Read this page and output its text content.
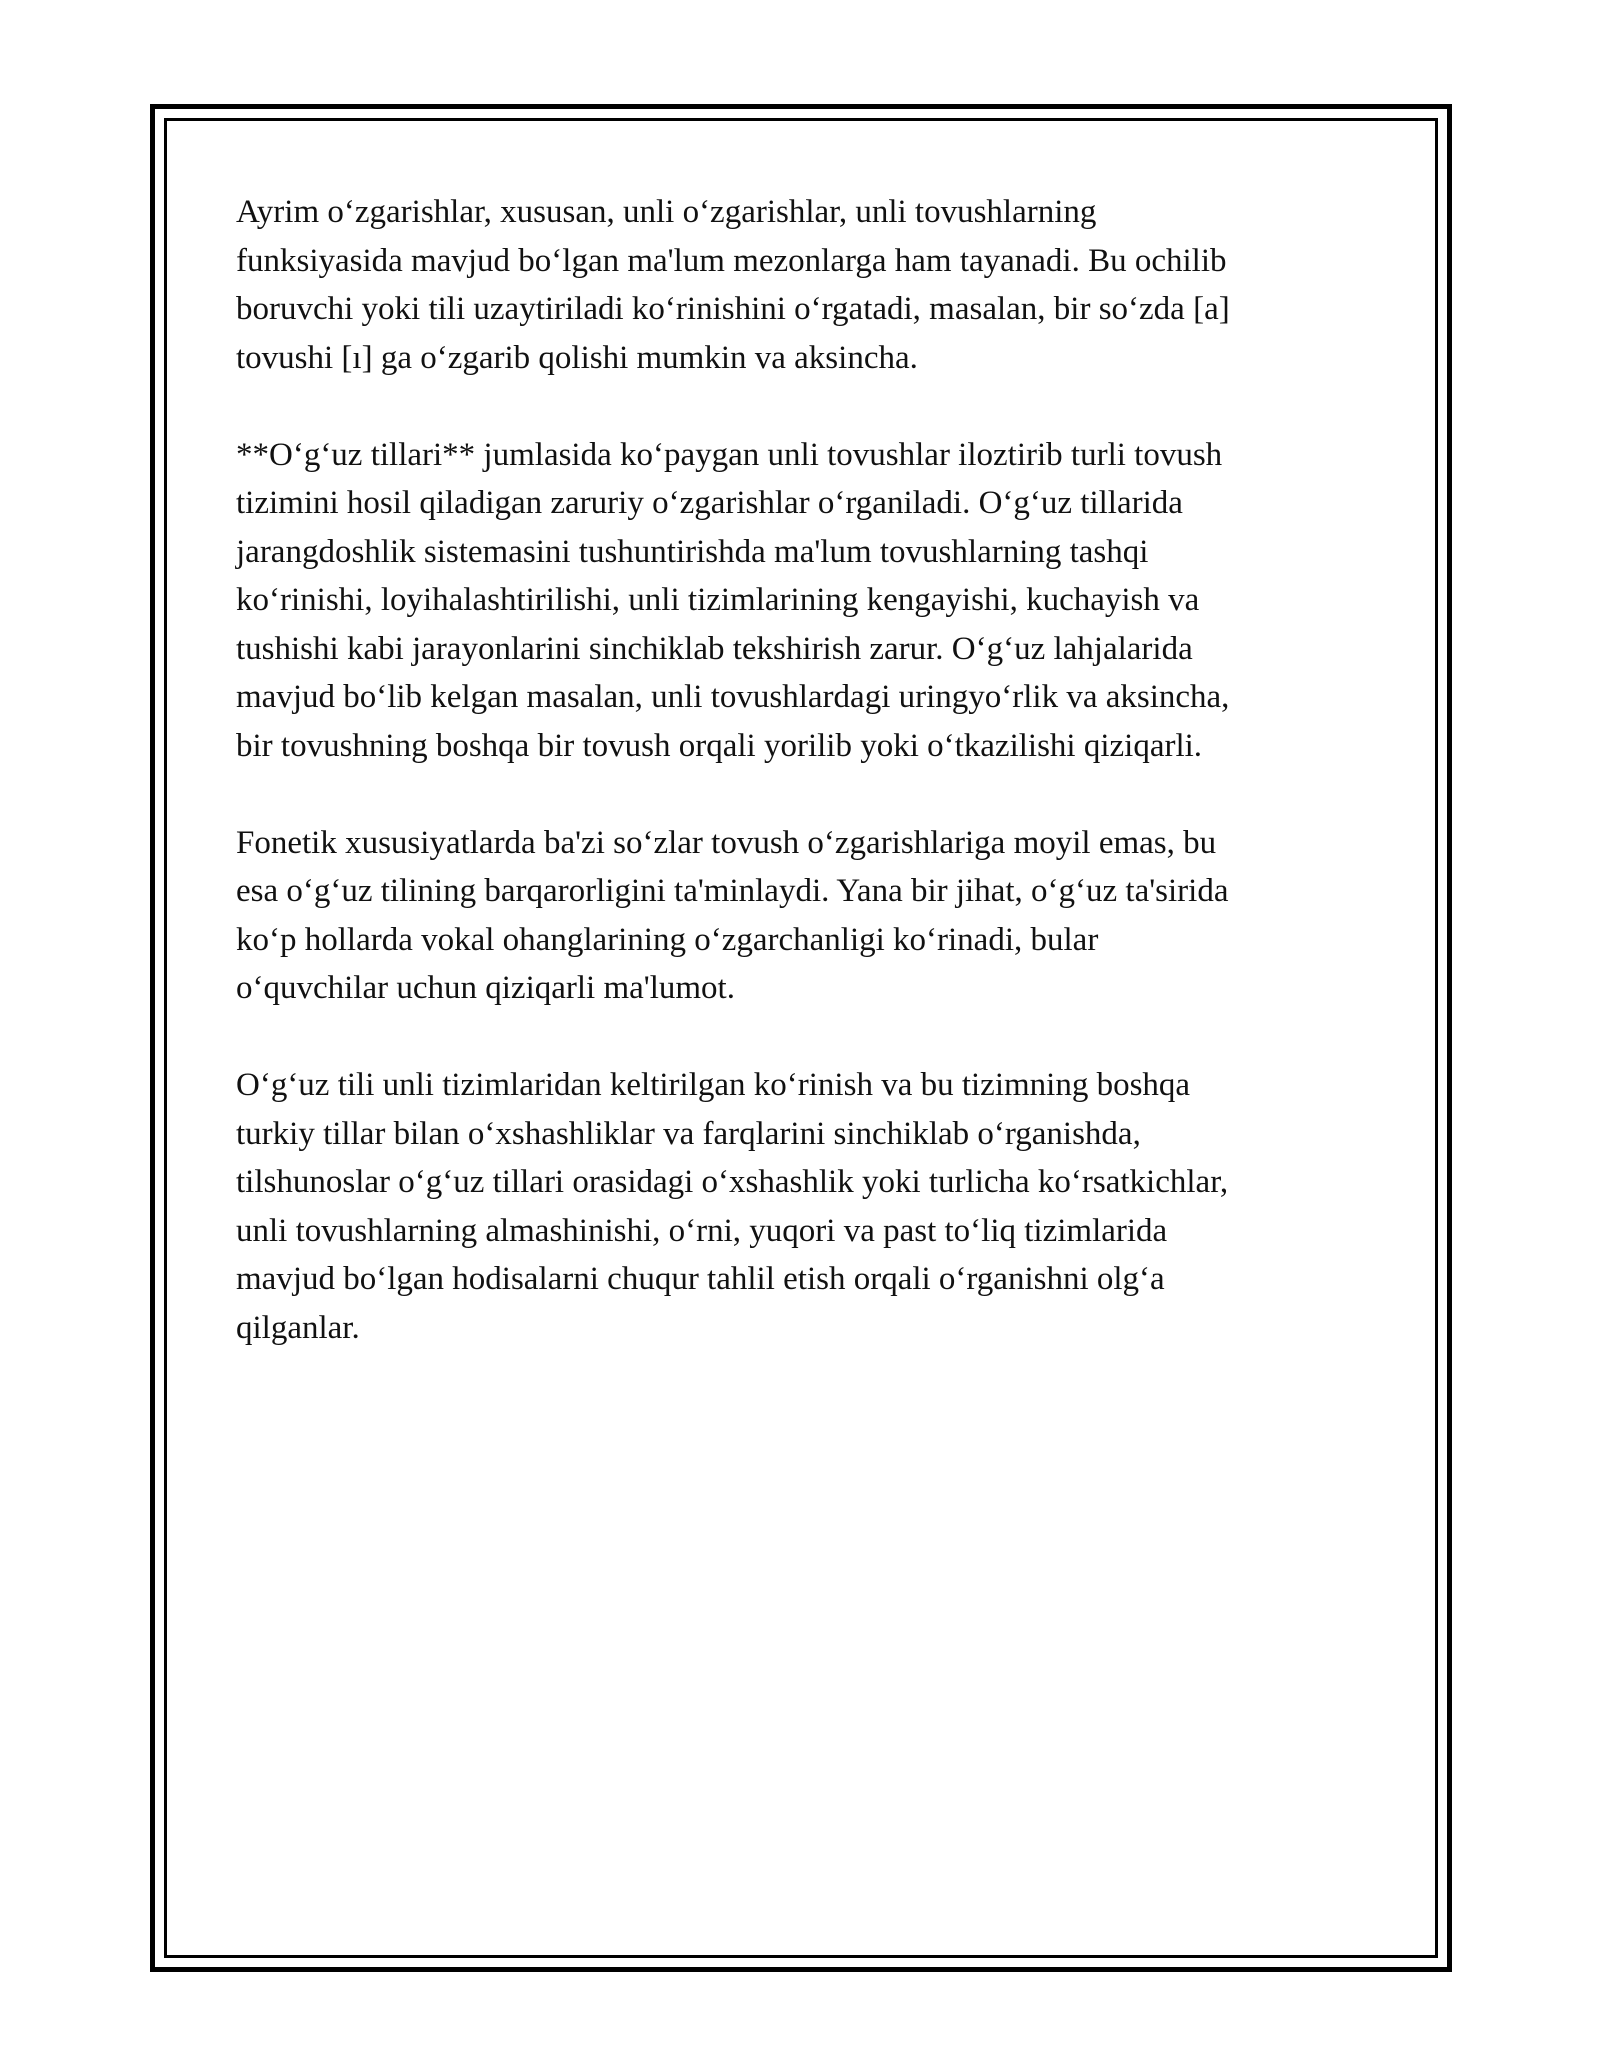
Ayrim o‘zgarishlar, xususan, unli o‘zgarishlar, unli tovushlarning
funksiyasida mavjud bo‘lgan ma'lum mezonlarga ham tayanadi. Bu ochilib
boruvchi yoki tili uzaytiriladi ko‘rinishini o‘rgatadi, masalan, bir so‘zda [a]
tovushi [ı] ga o‘zgarib qolishi mumkin va aksincha.

**O‘g‘uz tillari** jumlasida ko‘paygan unli tovushlar iloztirib turli tovush
tizimini hosil qiladigan zaruriy o‘zgarishlar o‘rganiladi. O‘g‘uz tillarida
jarangdoshlik sistemasini tushuntirishda ma'lum tovushlarning tashqi
ko‘rinishi, loyihalashtirilishi, unli tizimlarining kengayishi, kuchayish va
tushishi kabi jarayonlarini sinchiklab tekshirish zarur. O‘g‘uz lahjalarida
mavjud bo‘lib kelgan masalan, unli tovushlardagi uringyo‘rlik va aksincha,
bir tovushning boshqa bir tovush orqali yorilib yoki o‘tkazilishi qiziqarli.

Fonetik xususiyatlarda ba'zi so‘zlar tovush o‘zgarishlariga moyil emas, bu
esa o‘g‘uz tilining barqarorligini ta'minlaydi. Yana bir jihat, o‘g‘uz ta'sirida
ko‘p hollarda vokal ohanglarining o‘zgarchanligi ko‘rinadi, bular
o‘quvchilar uchun qiziqarli ma'lumot.

O‘g‘uz tili unli tizimlaridan keltirilgan ko‘rinish va bu tizimning boshqa
turkiy tillar bilan o‘xshashliklar va farqlarini sinchiklab o‘rganishda,
tilshunoslar o‘g‘uz tillari orasidagi o‘xshashlik yoki turlicha ko‘rsatkichlar,
unli tovushlarning almashinishi, o‘rni, yuqori va past to‘liq tizimlarida
mavjud bo‘lgan hodisalarni chuqur tahlil etish orqali o‘rganishni olg‘a
qilganlar.
